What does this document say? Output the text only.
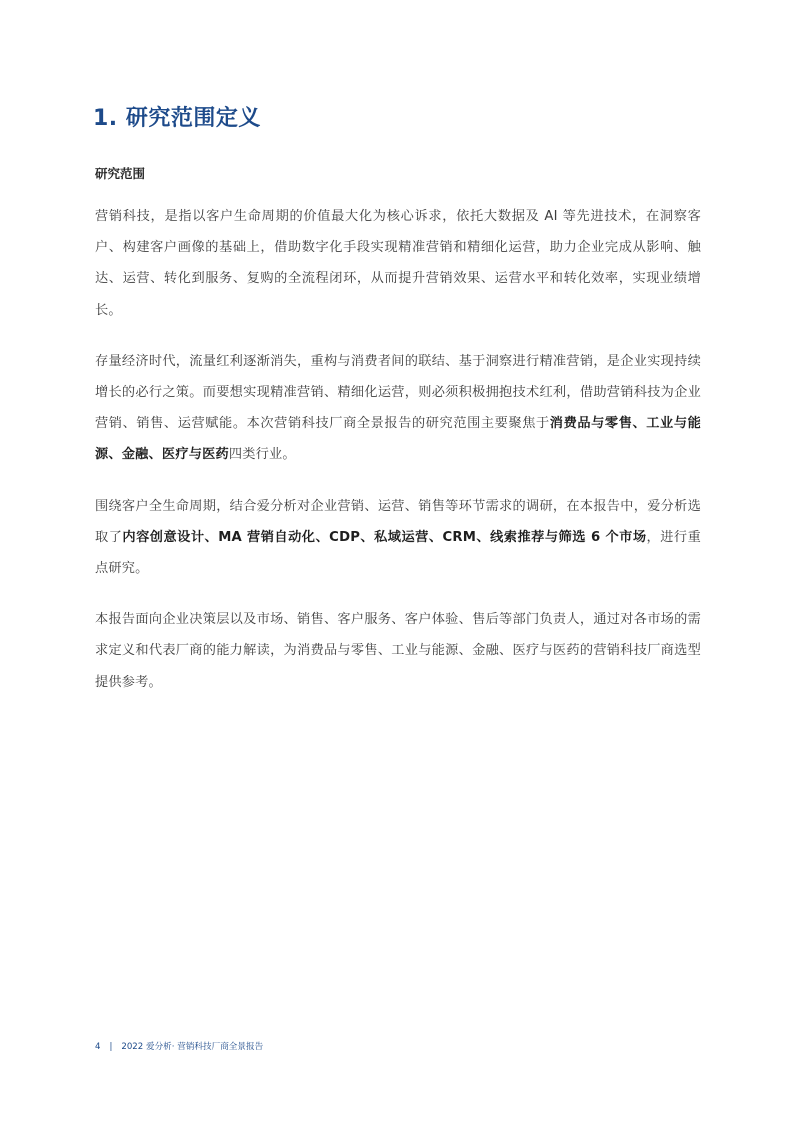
1. 研究范围定义
研究范围

营销科技，是指以客户生命周期的价值最大化为核心诉求，依托大数据及 AI 等先进技术，在洞察客户、构建客户画像的基础上，借助数字化手段实现精准营销和精细化运营，助力企业完成从影响、触达、运营、转化到服务、复购的全流程闭环，从而提升营销效果、运营水平和转化效率，实现业绩增长。

存量经济时代，流量红利逐渐消失，重构与消费者间的联结、基于洞察进行精准营销，是企业实现持续增长的必行之策。而要想实现精准营销、精细化运营，则必须积极拥抱技术红利，借助营销科技为企业营销、销售、运营赋能。本次营销科技厂商全景报告的研究范围主要聚焦于消费品与零售、工业与能源、金融、医疗与医药四类行业。

围绕客户全生命周期，结合爱分析对企业营销、运营、销售等环节需求的调研，在本报告中，爱分析选取了内容创意设计、MA 营销自动化、CDP、私域运营、CRM、线索推荐与筛选 6 个市场，进行重点研究。

本报告面向企业决策层以及市场、销售、客户服务、客户体验、售后等部门负责人，通过对各市场的需求定义和代表厂商的能力解读，为消费品与零售、工业与能源、金融、医疗与医药的营销科技厂商选型提供参考。

4 | 2022 爱分析· 营销科技厂商全景报告
